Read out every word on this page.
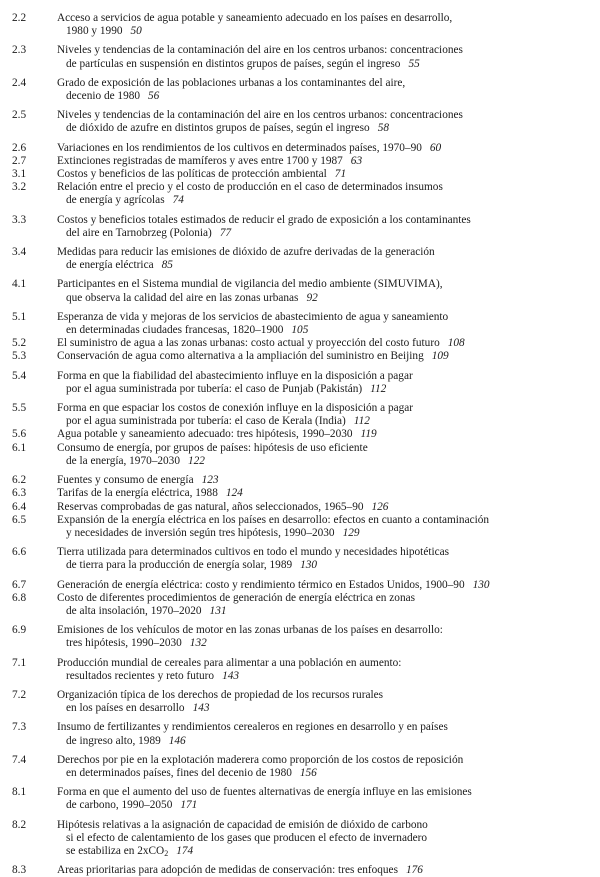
2.2	Acceso a servicios de agua potable y saneamiento adecuado en los países en desarrollo,
1980 y 1990 50
2.3	Niveles y tendencias de la contaminación del aire en los centros urbanos: concentraciones
de partículas en suspensión en distintos grupos de países, según el ingreso 55
2.4	Grado de exposición de las poblaciones urbanas a los contaminantes del aire,
decenio de 1980 56
2.5	Niveles y tendencias de la contaminación del aire en los centros urbanos: concentraciones
de dióxido de azufre en distintos grupos de países, según el ingreso 58
2.6	Variaciones en los rendimientos de los cultivos en determinados países, 1970–90 60
2.7	Extinciones registradas de mamíferos y aves entre 1700 y 1987 63
3.1	Costos y beneficios de las políticas de protección ambiental 71
3.2	Relación entre el precio y el costo de producción en el caso de determinados insumos
de energía y agrícolas 74
3.3	Costos y beneficios totales estimados de reducir el grado de exposición a los contaminantes
del aire en Tarnobrzeg (Polonia) 77
3.4	Medidas para reducir las emisiones de dióxido de azufre derivadas de la generación
de energía eléctrica 85
4.1	Participantes en el Sistema mundial de vigilancia del medio ambiente (SIMUVIMA),
que observa la calidad del aire en las zonas urbanas 92
5.1	Esperanza de vida y mejoras de los servicios de abastecimiento de agua y saneamiento
en determinadas ciudades francesas, 1820–1900 105
5.2	El suministro de agua a las zonas urbanas: costo actual y proyección del costo futuro 108
5.3	Conservación de agua como alternativa a la ampliación del suministro en Beijing 109
5.4	Forma en que la fiabilidad del abastecimiento influye en la disposición a pagar
por el agua suministrada por tubería: el caso de Punjab (Pakistán) 112
5.5	Forma en que espaciar los costos de conexión influye en la disposición a pagar
por el agua suministrada por tubería: el caso de Kerala (India) 112
5.6	Agua potable y saneamiento adecuado: tres hipótesis, 1990–2030 119
6.1	Consumo de energía, por grupos de países: hipótesis de uso eficiente
de la energía, 1970–2030 122
6.2	Fuentes y consumo de energía 123
6.3	Tarifas de la energía eléctrica, 1988 124
6.4	Reservas comprobadas de gas natural, años seleccionados, 1965–90 126
6.5	Expansión de la energía eléctrica en los países en desarrollo: efectos en cuanto a contaminación
y necesidades de inversión según tres hipótesis, 1990–2030 129
6.6	Tierra utilizada para determinados cultivos en todo el mundo y necesidades hipotéticas
de tierra para la producción de energía solar, 1989 130
6.7	Generación de energía eléctrica: costo y rendimiento térmico en Estados Unidos, 1900–90 130
6.8	Costo de diferentes procedimientos de generación de energía eléctrica en zonas
de alta insolación, 1970–2020 131
6.9	Emisiones de los vehículos de motor en las zonas urbanas de los países en desarrollo:
tres hipótesis, 1990–2030 132
7.1	Producción mundial de cereales para alimentar a una población en aumento:
resultados recientes y reto futuro 143
7.2	Organización típica de los derechos de propiedad de los recursos rurales
en los países en desarrollo 143
7.3	Insumo de fertilizantes y rendimientos cerealeros en regiones en desarrollo y en países
de ingreso alto, 1989 146
7.4	Derechos por pie en la explotación maderera como proporción de los costos de reposición
en determinados países, fines del decenio de 1980 156
8.1	Forma en que el aumento del uso de fuentes alternativas de energía influye en las emisiones
de carbono, 1990–2050 171
8.2	Hipótesis relativas a la asignación de capacidad de emisión de dióxido de carbono
si el efecto de calentamiento de los gases que producen el efecto de invernadero
se estabiliza en 2xCO$_2$ 174
8.3	Areas prioritarias para adopción de medidas de conservación: tres enfoques 176
